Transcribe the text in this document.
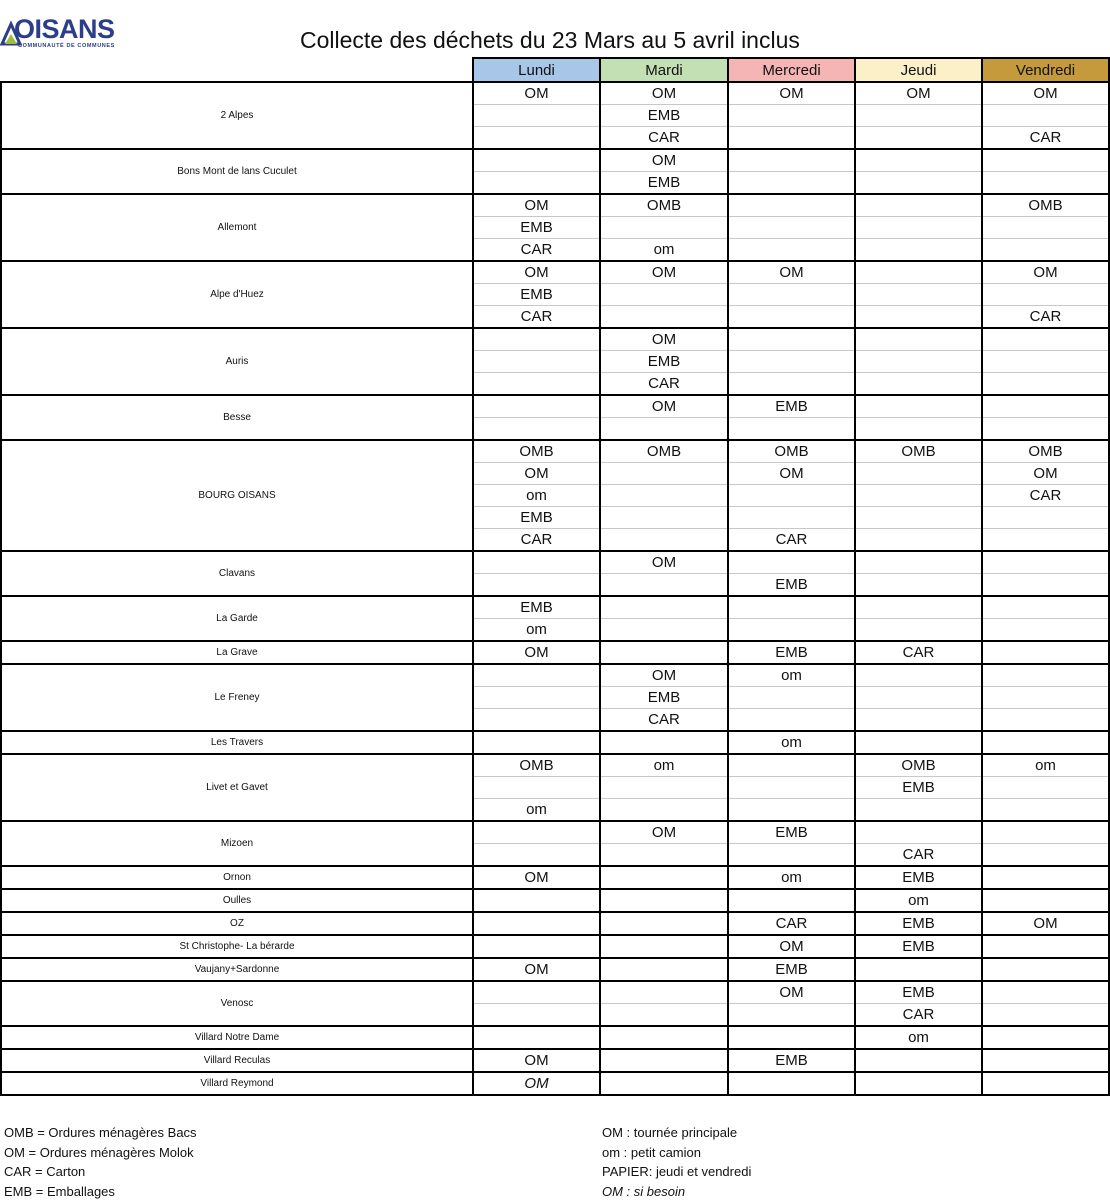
OISANS
COMMUNAUTÉ DE COMMUNES	Collecte des déchets du 23 Mars au 5 avril inclus
	Lundi	Mardi	Mercredi	Jeudi	Vendredi
2 Alpes	OM	OM	OM	OM	OM
		EMB			
		CAR			CAR
Bons Mont de lans Cuculet		OM			
		EMB			
Allemont	OM	OMB			OMB
	EMB				
	CAR	om			
Alpe d'Huez	OM	OM	OM		OM
	EMB				
	CAR				CAR
Auris		OM			
		EMB			
		CAR			
Besse		OM	EMB		

BOURG OISANS	OMB	OMB	OMB	OMB	OMB
	OM		OM		OM
	om				CAR
	EMB				
	CAR		CAR		
Clavans		OM			
			EMB		
La Garde	EMB				
	om				
La Grave	OM		EMB	CAR	
Le Freney		OM	om		
		EMB			
		CAR			
Les Travers			om		
Livet et Gavet	OMB	om		OMB	om
				EMB	
	om				
Mizoen		OM	EMB		
				CAR	
Ornon	OM		om	EMB	
Oulles				om	
OZ			CAR	EMB	OM
St Christophe- La bérarde			OM	EMB	
Vaujany+Sardonne	OM		EMB		
Venosc			OM	EMB	
				CAR	
Villard Notre Dame				om	
Villard Reculas	OM		EMB		
Villard Reymond	OM				
OMB = Ordures ménagères Bacs
OM = Ordures ménagères Molok
CAR = Carton
EMB = Emballages
OM : tournée principale
om : petit camion
PAPIER: jeudi et vendredi
OM : si besoin
